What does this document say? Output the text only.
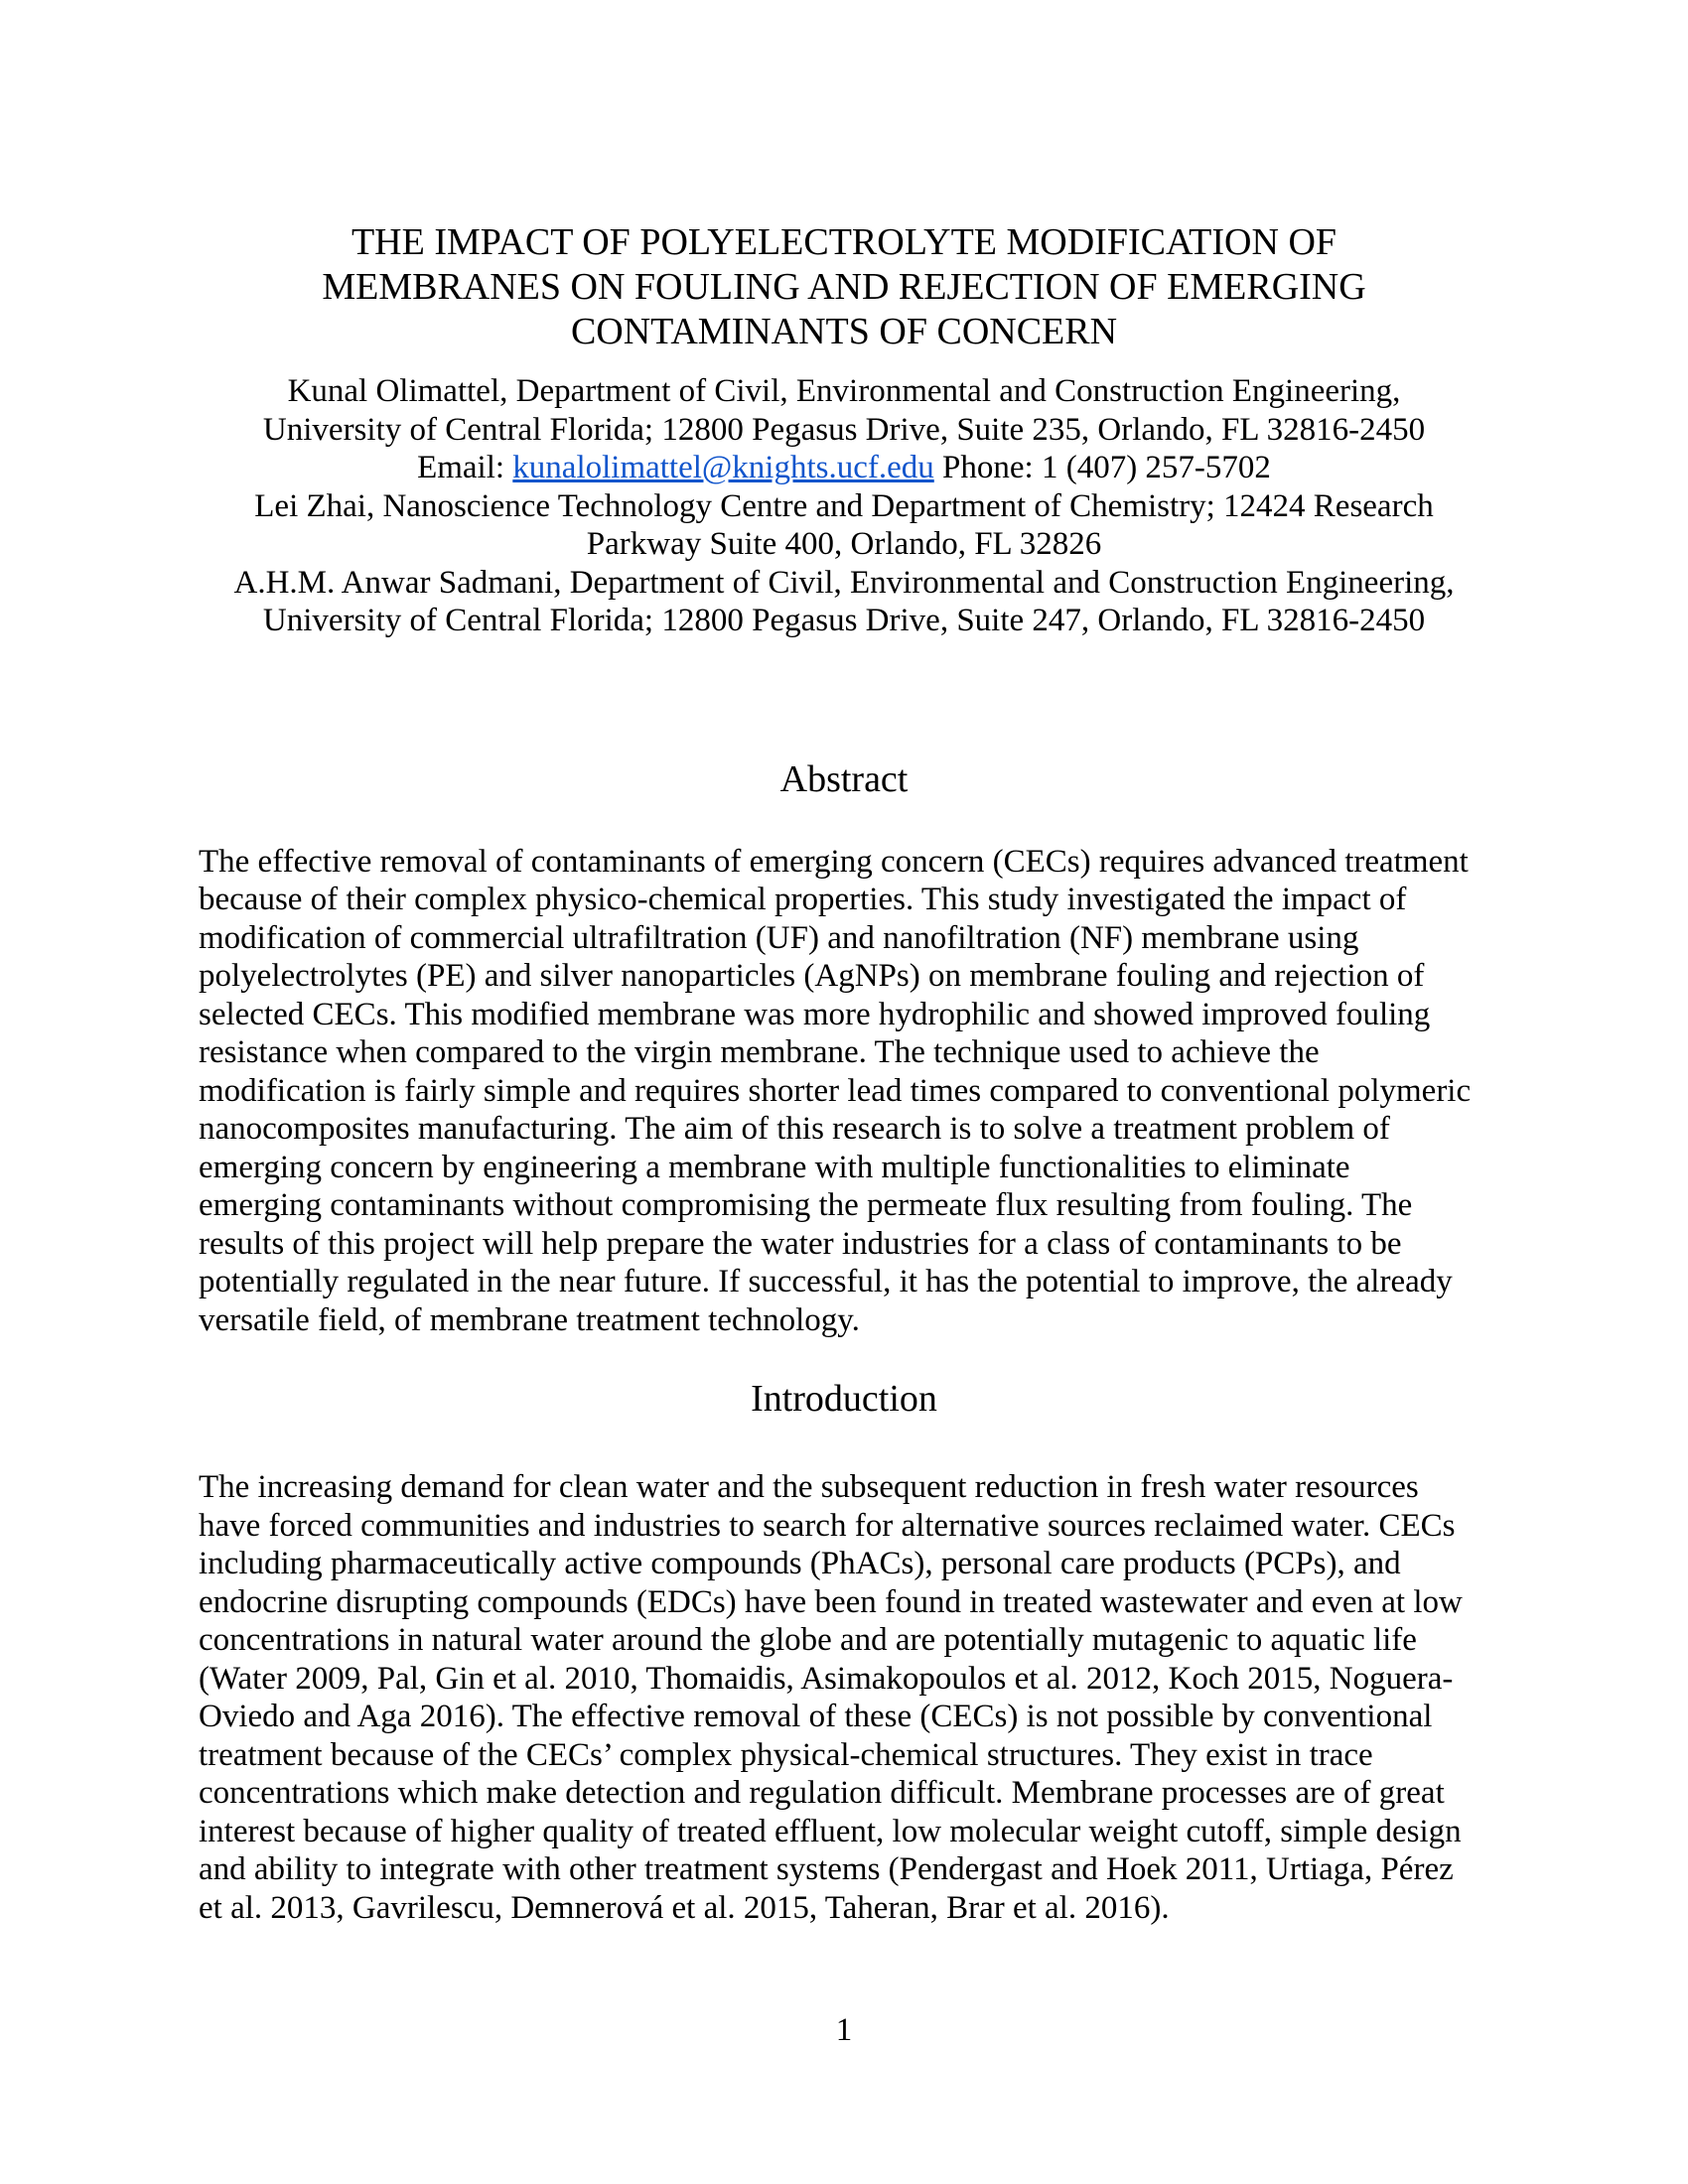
THE IMPACT OF POLYELECTROLYTE MODIFICATION OF
MEMBRANES ON FOULING AND REJECTION OF EMERGING
CONTAMINANTS OF CONCERN
Kunal Olimattel, Department of Civil, Environmental and Construction Engineering,
University of Central Florida; 12800 Pegasus Drive, Suite 235, Orlando, FL 32816-2450
Email: kunalolimattel@knights.ucf.edu Phone: 1 (407) 257-5702
Lei Zhai, Nanoscience Technology Centre and Department of Chemistry; 12424 Research
Parkway Suite 400, Orlando, FL 32826
A.H.M. Anwar Sadmani, Department of Civil, Environmental and Construction Engineering,
University of Central Florida; 12800 Pegasus Drive, Suite 247, Orlando, FL 32816-2450
Abstract
The effective removal of contaminants of emerging concern (CECs) requires advanced treatment
because of their complex physico-chemical properties. This study investigated the impact of
modification of commercial ultrafiltration (UF) and nanofiltration (NF) membrane using
polyelectrolytes (PE) and silver nanoparticles (AgNPs) on membrane fouling and rejection of
selected CECs. This modified membrane was more hydrophilic and showed improved fouling
resistance when compared to the virgin membrane. The technique used to achieve the
modification is fairly simple and requires shorter lead times compared to conventional polymeric
nanocomposites manufacturing. The aim of this research is to solve a treatment problem of
emerging concern by engineering a membrane with multiple functionalities to eliminate
emerging contaminants without compromising the permeate flux resulting from fouling. The
results of this project will help prepare the water industries for a class of contaminants to be
potentially regulated in the near future. If successful, it has the potential to improve, the already
versatile field, of membrane treatment technology.
Introduction
The increasing demand for clean water and the subsequent reduction in fresh water resources
have forced communities and industries to search for alternative sources reclaimed water. CECs
including pharmaceutically active compounds (PhACs), personal care products (PCPs), and
endocrine disrupting compounds (EDCs) have been found in treated wastewater and even at low
concentrations in natural water around the globe and are potentially mutagenic to aquatic life
(Water 2009, Pal, Gin et al. 2010, Thomaidis, Asimakopoulos et al. 2012, Koch 2015, Noguera-
Oviedo and Aga 2016). The effective removal of these (CECs) is not possible by conventional
treatment because of the CECs’ complex physical-chemical structures. They exist in trace
concentrations which make detection and regulation difficult. Membrane processes are of great
interest because of higher quality of treated effluent, low molecular weight cutoff, simple design
and ability to integrate with other treatment systems (Pendergast and Hoek 2011, Urtiaga, Pérez
et al. 2013, Gavrilescu, Demnerová et al. 2015, Taheran, Brar et al. 2016).
1
